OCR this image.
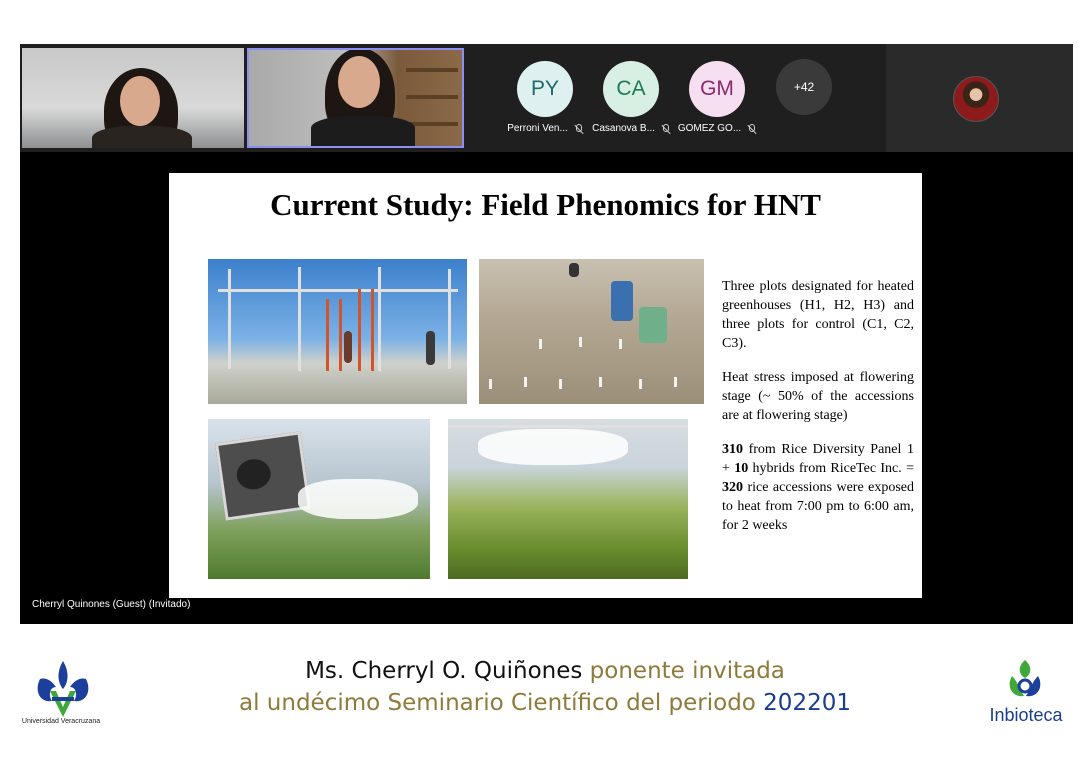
PY
Perroni Ven...
CA
Casanova B...
GM
GOMEZ GO...
+42
Current Study: Field Phenomics for HNT

Three plots designated for heated greenhouses (H1, H2, H3) and three plots for control (C1, C2, C3).

Heat stress imposed at flowering stage (~ 50% of the accessions are at flowering stage)

310 from Rice Diversity Panel 1 + 10 hybrids from RiceTec Inc. = 320 rice accessions were exposed to heat from 7:00 pm to 6:00 am, for 2 weeks

Cherryl Quinones (Guest) (Invitado)
Universidad Veracruzana
Ms. Cherryl O. Quiñones ponente invitada
al undécimo Seminario Científico del periodo 202201	Inbioteca
